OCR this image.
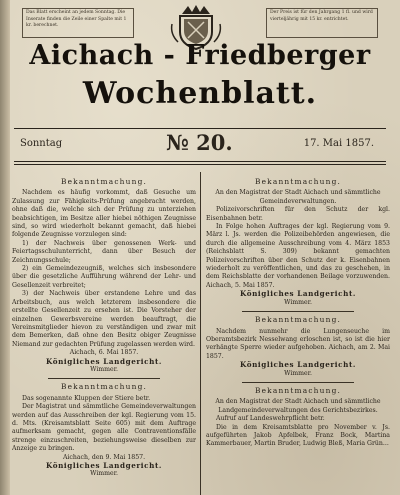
Das Blatt erscheint an jedem Sonntag. Die Inserate finden die Zeile einer Spalte mit 1 kr. berechnet.
Der Preis ist für den Jahrgang 1 fl. und wird vierteljährig mit 15 kr. entrichtet.
Aichach - Friedberger
Wochenblatt.
Sonntag	№ 20.	17. Mai 1857.

Bekanntmachung.

Nachdem es häufig vorkommt, daß Gesuche um Zulassung zur Fähigkeits-Prüfung angebracht werden, ohne daß die, welche sich der Prüfung zu unterziehen beabsichtigen, im Besitze aller hiebei nöthigen Zeugnisse sind, so wird wiederholt bekannt gemacht, daß hiebei folgende Zeugnisse vorzulegen sind:

1) der Nachweis über genossenen Werk- und Feiertagsschulunterricht, dann über Besuch der Zeichnungsschule;

2) ein Gemeindezeugniß, welches sich insbesondere über die gesetzliche Aufführung während der Lehr- und Gesellenzeit verbreitet;

3) der Nachweis über erstandene Lehre und das Arbeitsbuch, aus welch letzterem insbesondere die erstellte Gesellenzeit zu ersehen ist. Die Vorsteher der einzelnen Gewerbsvereine werden beauftragt, die Vereinsmitglieder hievon zu verständigen und zwar mit dem Bemerken, daß ohne den Besitz obiger Zeugnisse Niemand zur gedachten Prüfung zugelassen werden wird.

Aichach, 6. Mai 1857.

Königliches Landgericht.

Wimmer.

Bekanntmachung.

Das sogenannte Kluppen der Stiere betr.

Der Magistrat und sämmtliche Gemeindeverwaltungen werden auf das Ausschreiben der kgl. Regierung vom 15. d. Mts. (Kreisamtsblatt Seite 605) mit dem Auftrage aufmerksam gemacht, gegen alle Contraventionsfälle strenge einzuschreiten, beziehungsweise dieselben zur Anzeige zu bringen.

Aichach, den 9. Mai 1857.

Königliches Landgericht.

Wimmer.

Bekanntmachung.

An den Magistrat der Stadt Aichach und sämmtliche Gemeindeverwaltungen.

Polizeivorschriften für den Schutz der kgl. Eisenbahnen betr.

In Folge hohen Auftrages der kgl. Regierung vom 9. März l. Js. werden die Polizeibehörden angewiesen, die durch die allgemeine Ausschreibung vom 4. März 1853 (Reichsblatt S. 309) bekannt gemachten Polizeivorschriften über den Schutz der k. Eisenbahnen wiederholt zu veröffentlichen, und das zu geschehen, in dem Reichsblatte der vorhandenen Beilage vorzuwenden. Aichach, 5. Mai 1857.

Königliches Landgericht.

Wimmer.

Bekanntmachung.

Nachdem nunmehr die Lungenseuche im Oberamtsbezirk Nesselwang erloschen ist, so ist die hier verhängte Sperre wieder aufgehoben. Aichach, am 2. Mai 1857.

Königliches Landgericht.

Wimmer.

Bekanntmachung.

An den Magistrat der Stadt Aichach und sämmtliche Landgemeindeverwaltungen des Gerichtsbezirkes.

Aufruf auf Landeswehrpflicht betr.

Die in dem Kreisamtsblatte pro November v. Js. aufgeführten Jakob Apfelbek, Franz Bock, Martina Kammerbauer, Martin Bruder, Ludwig Bleß, Maria Grün...
